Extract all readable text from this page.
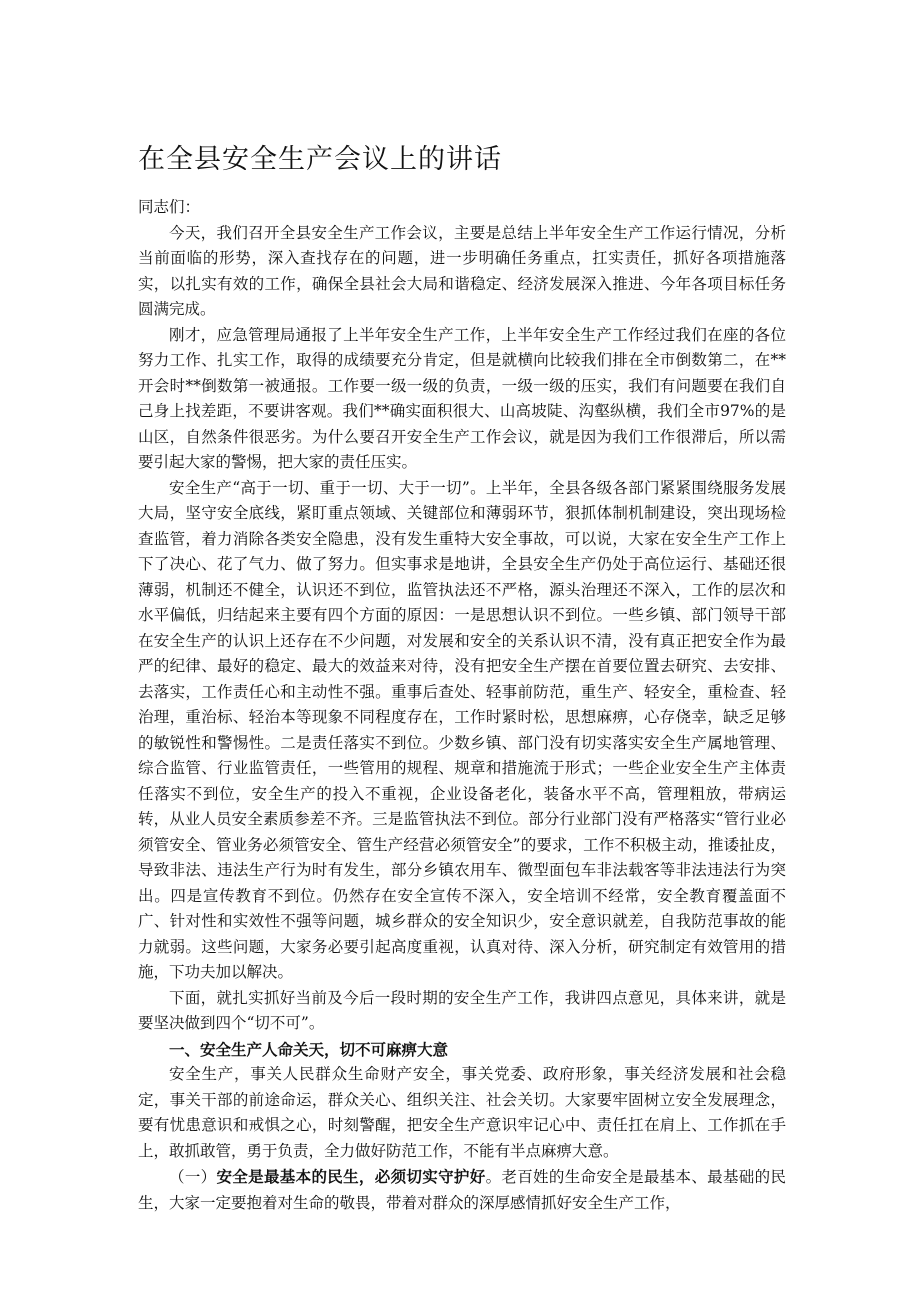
在全县安全生产会议上的讲话

同志们：

今天，我们召开全县安全生产工作会议，主要是总结上半年安全生产工作运行情况，分析当前面临的形势，深入查找存在的问题，进一步明确任务重点，扛实责任，抓好各项措施落实，以扎实有效的工作，确保全县社会大局和谐稳定、经济发展深入推进、今年各项目标任务圆满完成。

刚才，应急管理局通报了上半年安全生产工作，上半年安全生产工作经过我们在座的各位努力工作、扎实工作，取得的成绩要充分肯定，但是就横向比较我们排在全市倒数第二，在**开会时**倒数第一被通报。工作要一级一级的负责，一级一级的压实，我们有问题要在我们自己身上找差距，不要讲客观。我们**确实面积很大、山高坡陡、沟壑纵横，我们全市97%的是山区，自然条件很恶劣。为什么要召开安全生产工作会议，就是因为我们工作很滞后，所以需要引起大家的警惕，把大家的责任压实。

安全生产“高于一切、重于一切、大于一切”。上半年，全县各级各部门紧紧围绕服务发展大局，坚守安全底线，紧盯重点领域、关键部位和薄弱环节，狠抓体制机制建设，突出现场检查监管，着力消除各类安全隐患，没有发生重特大安全事故，可以说，大家在安全生产工作上下了决心、花了气力、做了努力。但实事求是地讲，全县安全生产仍处于高位运行、基础还很薄弱，机制还不健全，认识还不到位，监管执法还不严格，源头治理还不深入，工作的层次和水平偏低，归结起来主要有四个方面的原因：一是思想认识不到位。一些乡镇、部门领导干部在安全生产的认识上还存在不少问题，对发展和安全的关系认识不清，没有真正把安全作为最严的纪律、最好的稳定、最大的效益来对待，没有把安全生产摆在首要位置去研究、去安排、去落实，工作责任心和主动性不强。重事后查处、轻事前防范，重生产、轻安全，重检查、轻治理，重治标、轻治本等现象不同程度存在，工作时紧时松，思想麻痹，心存侥幸，缺乏足够的敏锐性和警惕性。二是责任落实不到位。少数乡镇、部门没有切实落实安全生产属地管理、综合监管、行业监管责任，一些管用的规程、规章和措施流于形式；一些企业安全生产主体责任落实不到位，安全生产的投入不重视，企业设备老化，装备水平不高，管理粗放，带病运转，从业人员安全素质参差不齐。三是监管执法不到位。部分行业部门没有严格落实“管行业必须管安全、管业务必须管安全、管生产经营必须管安全”的要求，工作不积极主动，推诿扯皮，导致非法、违法生产行为时有发生，部分乡镇农用车、微型面包车非法载客等非法违法行为突出。四是宣传教育不到位。仍然存在安全宣传不深入，安全培训不经常，安全教育覆盖面不广、针对性和实效性不强等问题，城乡群众的安全知识少，安全意识就差，自我防范事故的能力就弱。这些问题，大家务必要引起高度重视，认真对待、深入分析，研究制定有效管用的措施，下功夫加以解决。

下面，就扎实抓好当前及今后一段时期的安全生产工作，我讲四点意见，具体来讲，就是要坚决做到四个“切不可”。

一、安全生产人命关天，切不可麻痹大意

安全生产，事关人民群众生命财产安全，事关党委、政府形象，事关经济发展和社会稳定，事关干部的前途命运，群众关心、组织关注、社会关切。大家要牢固树立安全发展理念，要有忧患意识和戒惧之心，时刻警醒，把安全生产意识牢记心中、责任扛在肩上、工作抓在手上，敢抓敢管，勇于负责，全力做好防范工作，不能有半点麻痹大意。

（一）安全是最基本的民生，必须切实守护好。老百姓的生命安全是最基本、最基础的民生，大家一定要抱着对生命的敬畏，带着对群众的深厚感情抓好安全生产工作，
